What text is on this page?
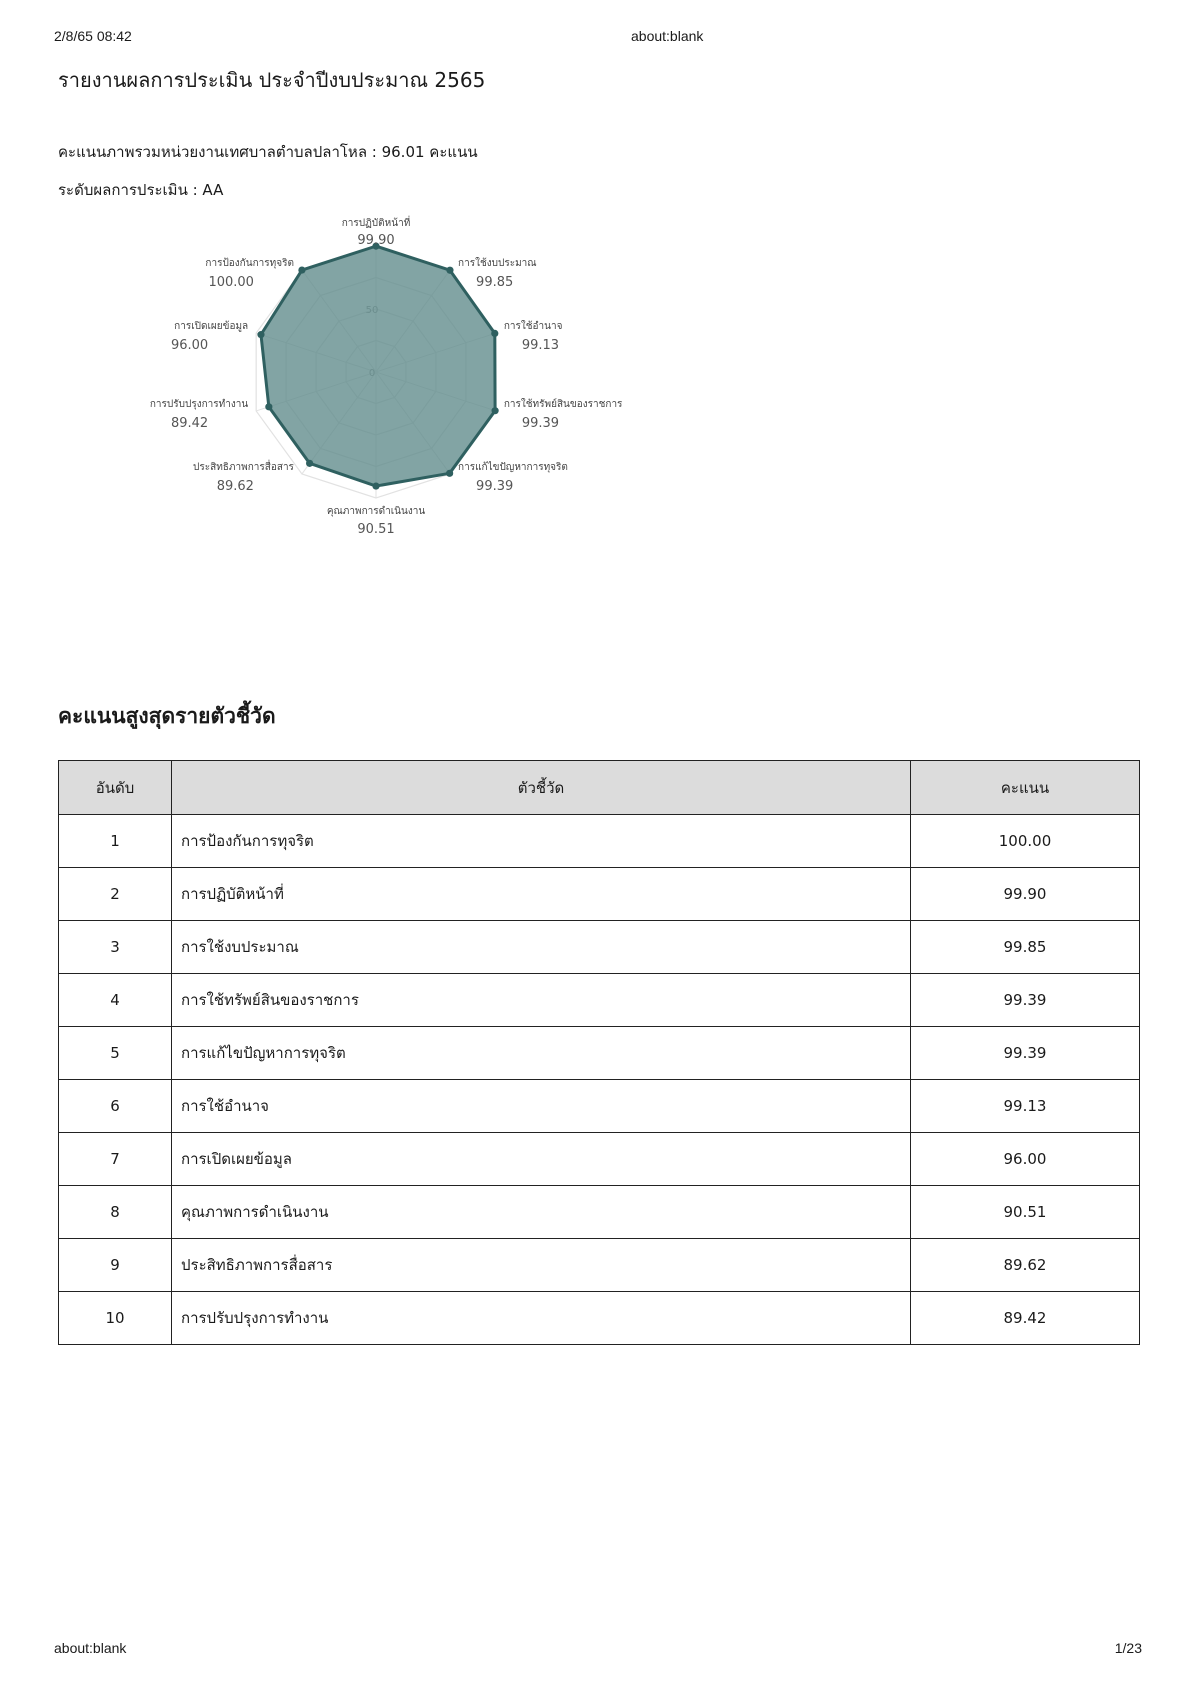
2/8/65 08:42	about:blank
รายงานผลการประเมิน ประจำปีงบประมาณ 2565
คะแนนภาพรวมหน่วยงานเทศบาลตำบลปลาโหล : 96.01 คะแนน
ระดับผลการประเมิน : AA
การปฏิบัติหน้าที่
99.90
การใช้งบประมาณ
99.85
การใช้อำนาจ
99.13
การใช้ทรัพย์สินของราชการ
99.39
การแก้ไขปัญหาการทุจริต
99.39
คุณภาพการดำเนินงาน
90.51
ประสิทธิภาพการสื่อสาร
89.62
การปรับปรุงการทำงาน
89.42
การเปิดเผยข้อมูล
96.00
การป้องกันการทุจริต
100.00
คะแนนสูงสุดรายตัวชี้วัด
อันดับ	ตัวชี้วัด	คะแนน
1	การป้องกันการทุจริต	100.00
2	การปฏิบัติหน้าที่	99.90
3	การใช้งบประมาณ	99.85
4	การใช้ทรัพย์สินของราชการ	99.39
5	การแก้ไขปัญหาการทุจริต	99.39
6	การใช้อำนาจ	99.13
7	การเปิดเผยข้อมูล	96.00
8	คุณภาพการดำเนินงาน	90.51
9	ประสิทธิภาพการสื่อสาร	89.62
10	การปรับปรุงการทำงาน	89.42
about:blank	1/23
